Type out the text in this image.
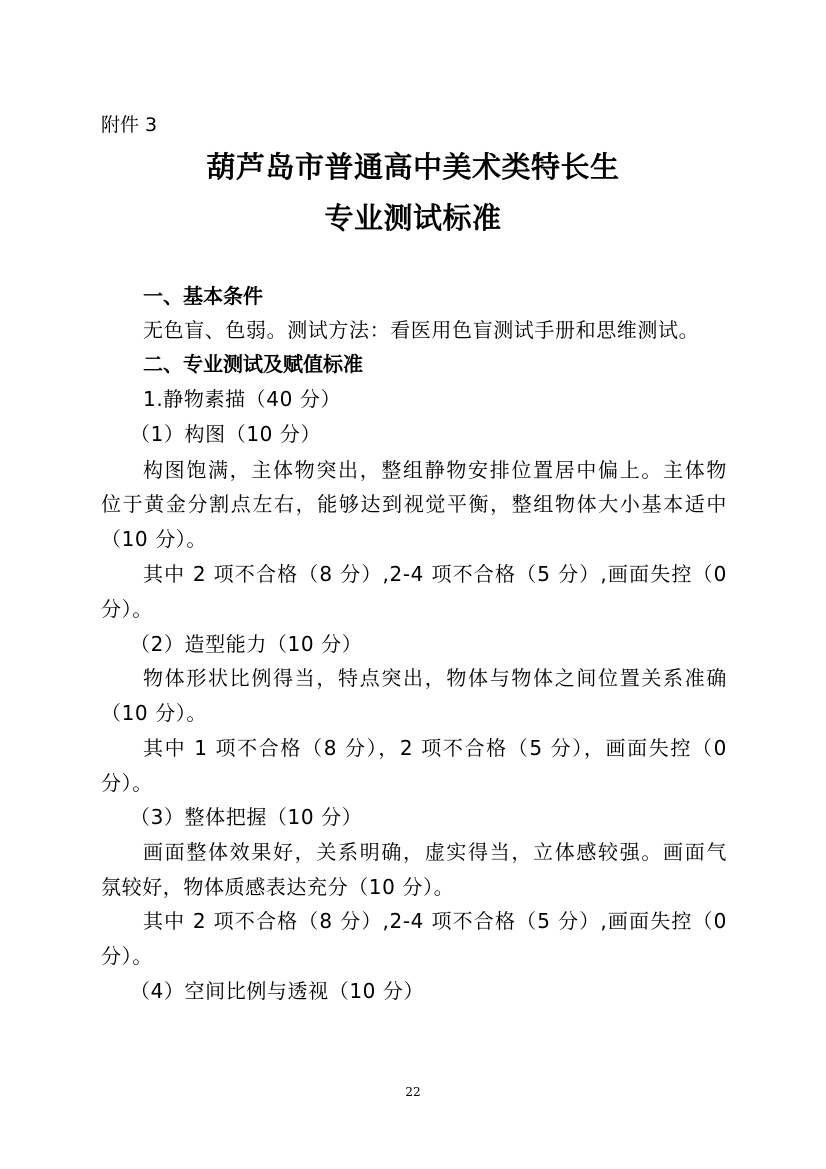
附件 3
葫芦岛市普通高中美术类特长生
专业测试标准
一、基本条件
无色盲、色弱。测试方法：看医用色盲测试手册和思维测试。
二、专业测试及赋值标准
1.静物素描（40 分）
（1）构图（10 分）
构图饱满，主体物突出，整组静物安排位置居中偏上。主体物
位于黄金分割点左右，能够达到视觉平衡，整组物体大小基本适中
（10 分）。
其中 2 项不合格（8 分）,2-4 项不合格（5 分）,画面失控（0
分）。
（2）造型能力（10 分）
物体形状比例得当，特点突出，物体与物体之间位置关系准确
（10 分）。
其中 1 项不合格（8 分），2 项不合格（5 分），画面失控（0
分）。
（3）整体把握（10 分）
画面整体效果好，关系明确，虚实得当，立体感较强。画面气
氛较好，物体质感表达充分（10 分）。
其中 2 项不合格（8 分）,2-4 项不合格（5 分）,画面失控（0
分）。
（4）空间比例与透视（10 分）
22
